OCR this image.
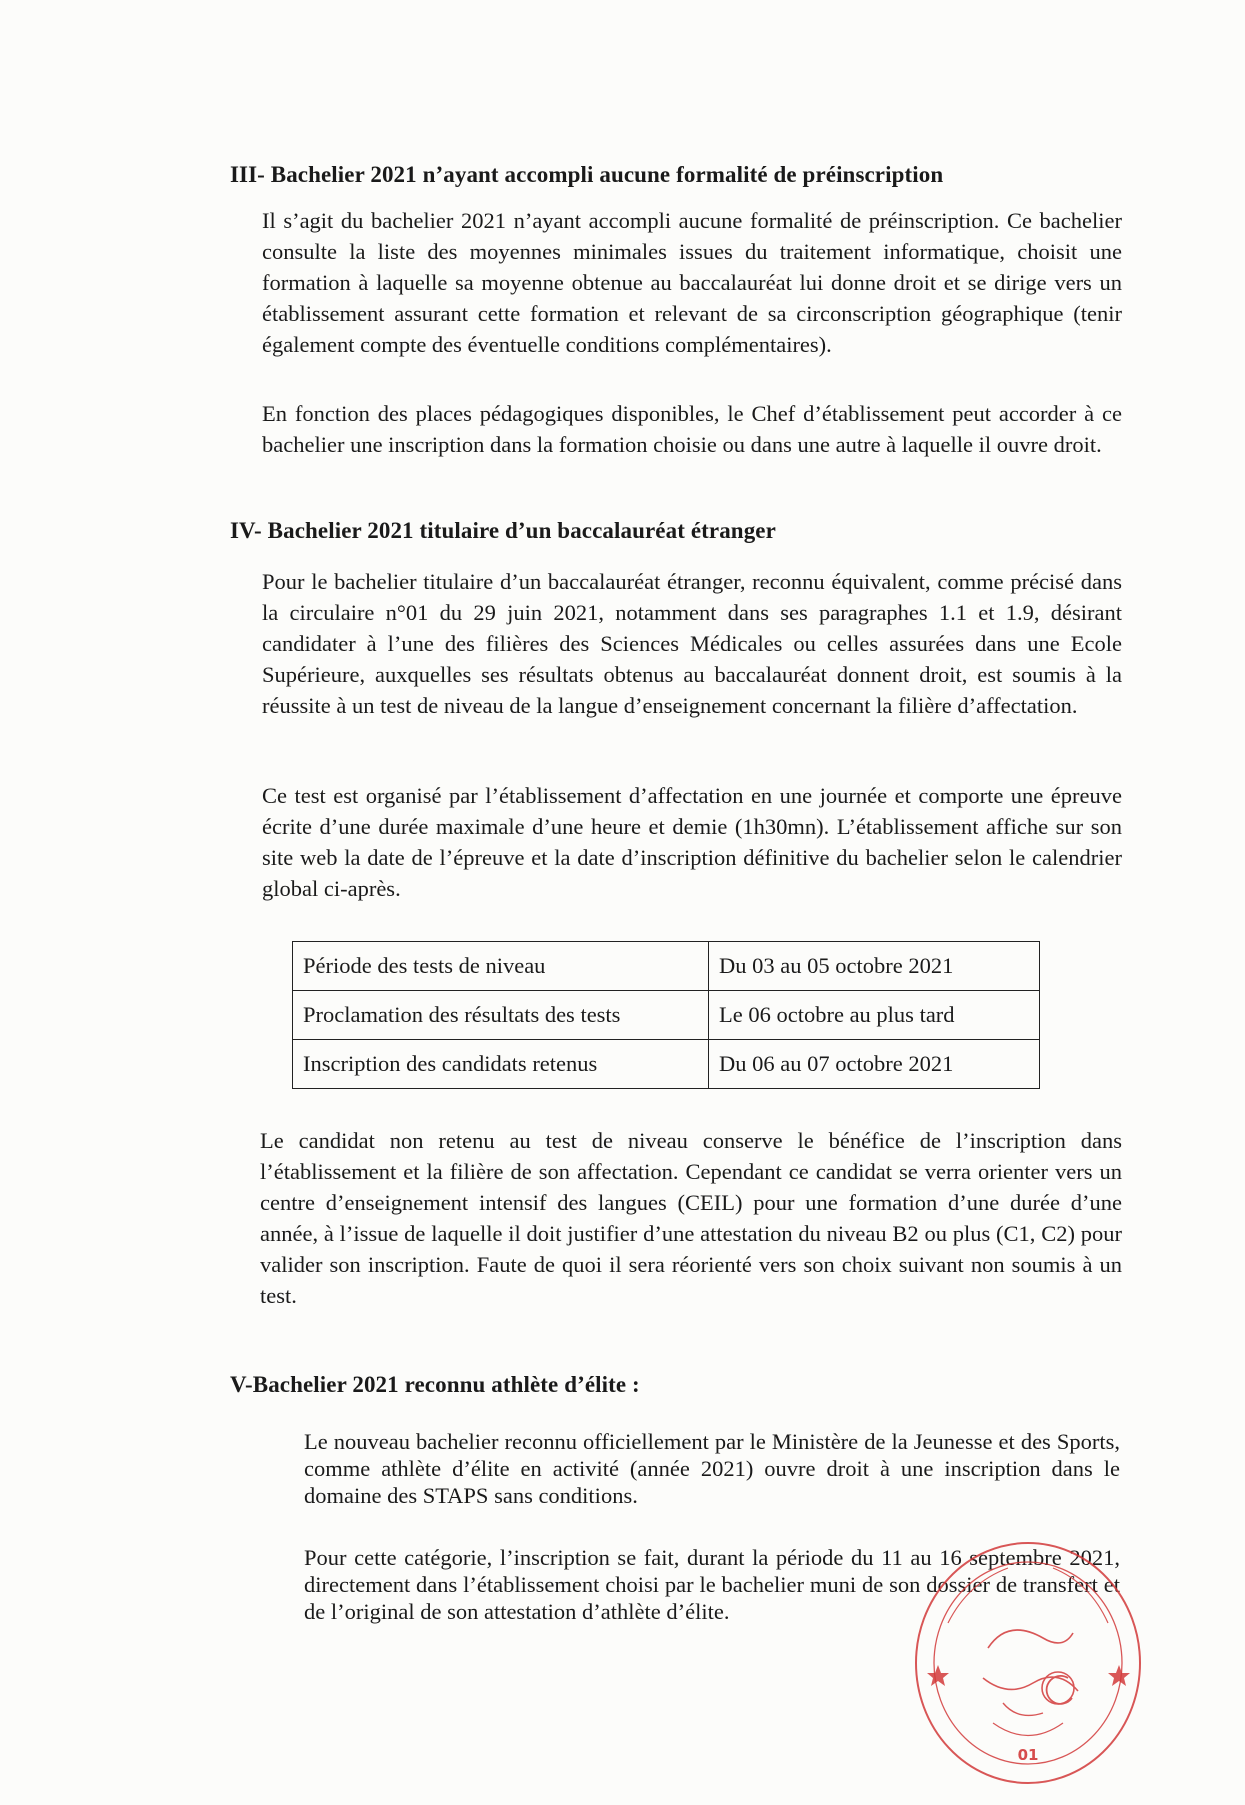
III- Bachelier 2021 n’ayant accompli aucune formalité de préinscription

Il s’agit du bachelier 2021 n’ayant accompli aucune formalité de préinscription. Ce bachelier consulte la liste des moyennes minimales issues du traitement informatique, choisit une formation à laquelle sa moyenne obtenue au baccalauréat lui donne droit et se dirige vers un établissement assurant cette formation et relevant de sa circonscription géographique (tenir également compte des éventuelle conditions complémentaires).

En fonction des places pédagogiques disponibles, le Chef d’établissement peut accorder à ce bachelier une inscription dans la formation choisie ou dans une autre à laquelle il ouvre droit.

IV- Bachelier 2021 titulaire d’un baccalauréat étranger

Pour le bachelier titulaire d’un baccalauréat étranger, reconnu équivalent, comme précisé dans la circulaire n°01 du 29 juin 2021, notamment dans ses paragraphes 1.1 et 1.9, désirant candidater à l’une des filières des Sciences Médicales ou celles assurées dans une Ecole Supérieure, auxquelles ses résultats obtenus au baccalauréat donnent droit, est soumis à la réussite à un test de niveau de la langue d’enseignement concernant la filière d’affectation.

Ce test est organisé par l’établissement d’affectation en une journée et comporte une épreuve écrite d’une durée maximale d’une heure et demie (1h30mn). L’établissement affiche sur son site web la date de l’épreuve et la date d’inscription définitive du bachelier selon le calendrier global ci-après.

Période des tests de niveau	Du 03 au 05 octobre 2021
Proclamation des résultats des tests	Le 06 octobre au plus tard
Inscription des candidats retenus	Du 06 au 07 octobre 2021

Le candidat non retenu au test de niveau conserve le bénéfice de l’inscription dans l’établissement et la filière de son affectation. Cependant ce candidat se verra orienter vers un centre d’enseignement intensif des langues (CEIL) pour une formation d’une durée d’une année, à l’issue de laquelle il doit justifier d’une attestation du niveau B2 ou plus (C1, C2) pour valider son inscription. Faute de quoi il sera réorienté vers son choix suivant non soumis à un test.

V-Bachelier 2021 reconnu athlète d’élite :

Le nouveau bachelier reconnu officiellement par le Ministère de la Jeunesse et des Sports, comme athlète d’élite en activité (année 2021) ouvre droit à une inscription dans le domaine des STAPS sans conditions.

Pour cette catégorie, l’inscription se fait, durant la période du 11 au 16 septembre 2021, directement dans l’établissement choisi par le bachelier muni de son dossier de transfert et de l’original de son attestation d’athlète d’élite.

01
